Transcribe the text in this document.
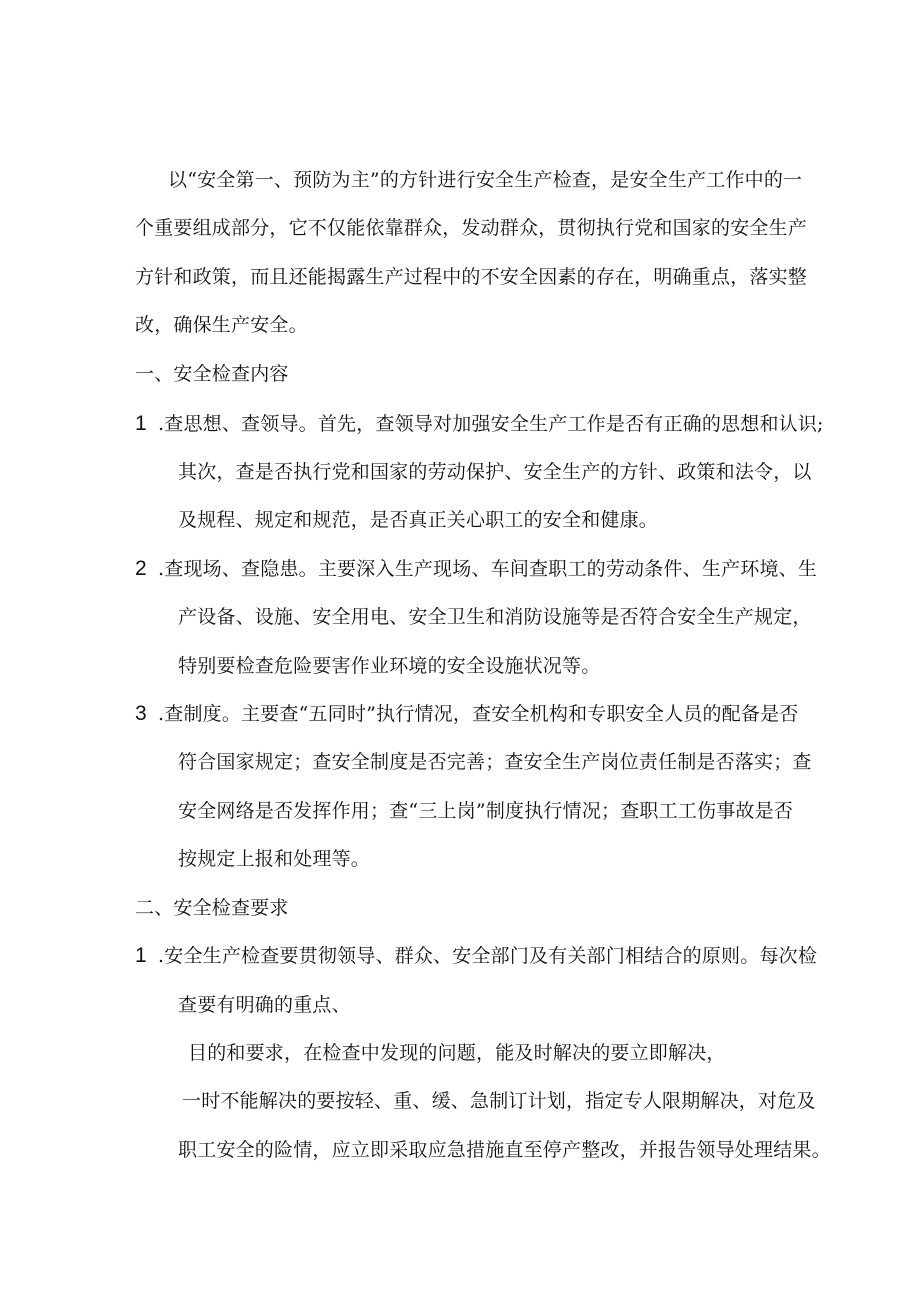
以“安全第一、预防为主”的方针进行安全生产检查，是安全生产工作中的一
个重要组成部分，它不仅能依靠群众，发动群众，贯彻执行党和国家的安全生产
方针和政策，而且还能揭露生产过程中的不安全因素的存在，明确重点，落实整
改，确保生产安全。
一、安全检查内容
1 .查思想、查领导。首先，查领导对加强安全生产工作是否有正确的思想和认识;
其次，查是否执行党和国家的劳动保护、安全生产的方针、政策和法令，以
及规程、规定和规范，是否真正关心职工的安全和健康。
2 .查现场、查隐患。主要深入生产现场、车间查职工的劳动条件、生产环境、生
产设备、设施、安全用电、安全卫生和消防设施等是否符合安全生产规定，
特别要检查危险要害作业环境的安全设施状况等。
3 .查制度。主要查“五同时”执行情况，查安全机构和专职安全人员的配备是否
符合国家规定；查安全制度是否完善；查安全生产岗位责任制是否落实；查
安全网络是否发挥作用；查“三上岗”制度执行情况；查职工工伤事故是否
按规定上报和处理等。
二、安全检查要求
1 .安全生产检查要贯彻领导、群众、安全部门及有关部门相结合的原则。每次检
查要有明确的重点、
目的和要求，在检查中发现的问题，能及时解决的要立即解决，
一时不能解决的要按轻、重、缓、急制订计划，指定专人限期解决，对危及
职工安全的险情，应立即采取应急措施直至停产整改，并报告领导处理结果。
